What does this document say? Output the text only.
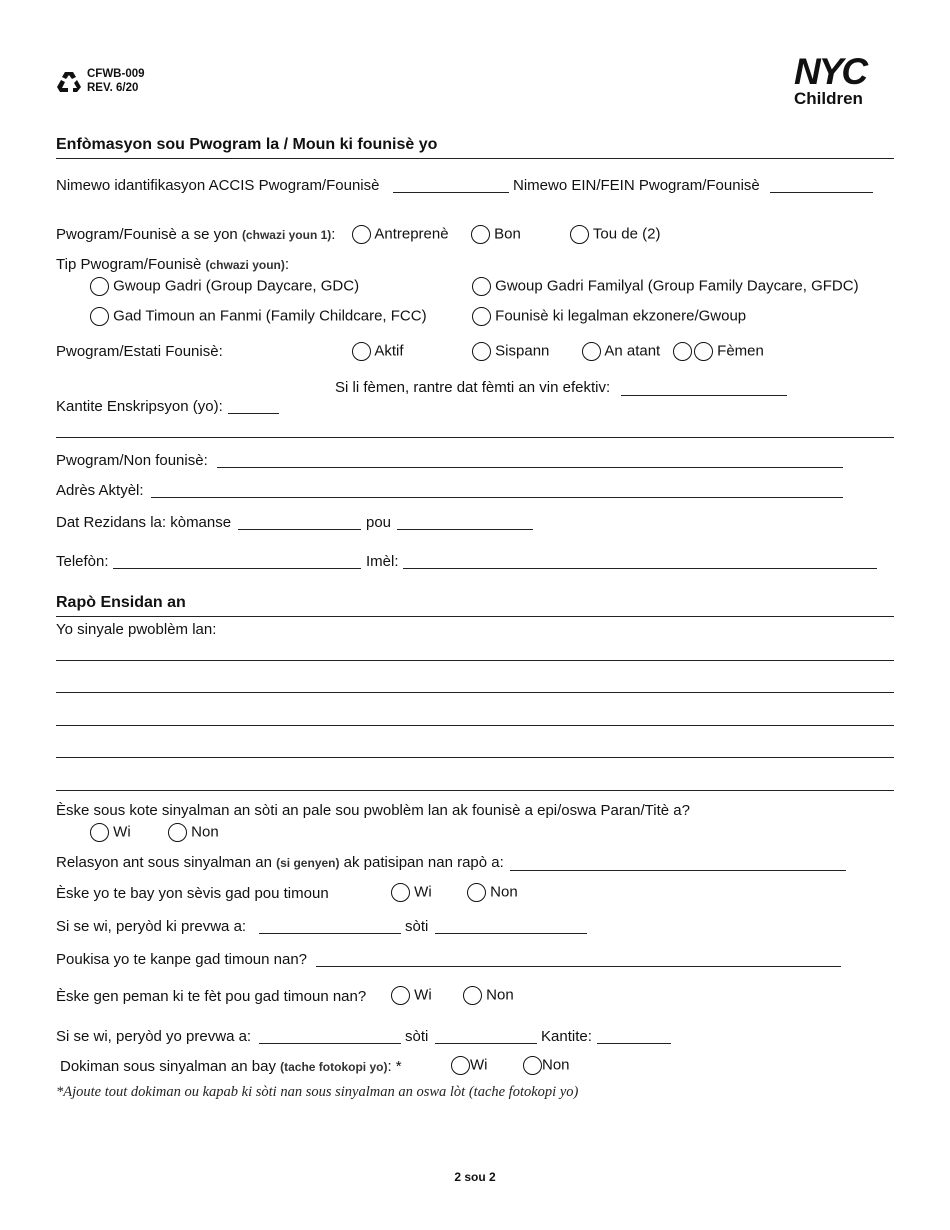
CFWB-009
REV. 6/20	NYC
Children
Enfòmasyon sou Pwogram la / Moun ki founisè yo
Nimewo idantifikasyon ACCIS Pwogram/Founisè	Nimewo EIN/FEIN Pwogram/Founisè
Pwogram/Founisè a se yon (chwazi youn 1):	Antreprenè	Bon	Tou de (2)
Tip Pwogram/Founisè (chwazi youn):
Gwoup Gadri (Group Daycare, GDC)	Gwoup Gadri Familyal (Group Family Daycare, GFDC)
Gad Timoun an Fanmi (Family Childcare, FCC)	Founisè ki legalman ekzonere/Gwoup
Pwogram/Estati Founisè:	Aktif	Sispann	An atant	Fèmen
Si li fèmen, rantre dat fèmti an vin efektiv:
Kantite Enskripsyon (yo):
Pwogram/Non founisè:
Adrès Aktyèl:
Dat Rezidans la: kòmanse	pou
Telefòn:	Imèl:
Rapò Ensidan an
Yo sinyale pwoblèm lan:
Èske sous kote sinyalman an sòti an pale sou pwoblèm lan ak founisè a epi/oswa Paran/Titè a?
Wi	Non
Relasyon ant sous sinyalman an (si genyen) ak patisipan nan rapò a:
Èske yo te bay yon sèvis gad pou timoun	Wi	Non
Si se wi, peryòd ki prevwa a:	sòti
Poukisa yo te kanpe gad timoun nan?
Èske gen peman ki te fèt pou gad timoun nan?	Wi	Non
Si se wi, peryòd yo prevwa a:	sòti	Kantite:
Dokiman sous sinyalman an bay (tache fotokopi yo): *	Wi	Non
*Ajoute tout dokiman ou kapab ki sòti nan sous sinyalman an oswa lòt (tache fotokopi yo)
2 sou 2
